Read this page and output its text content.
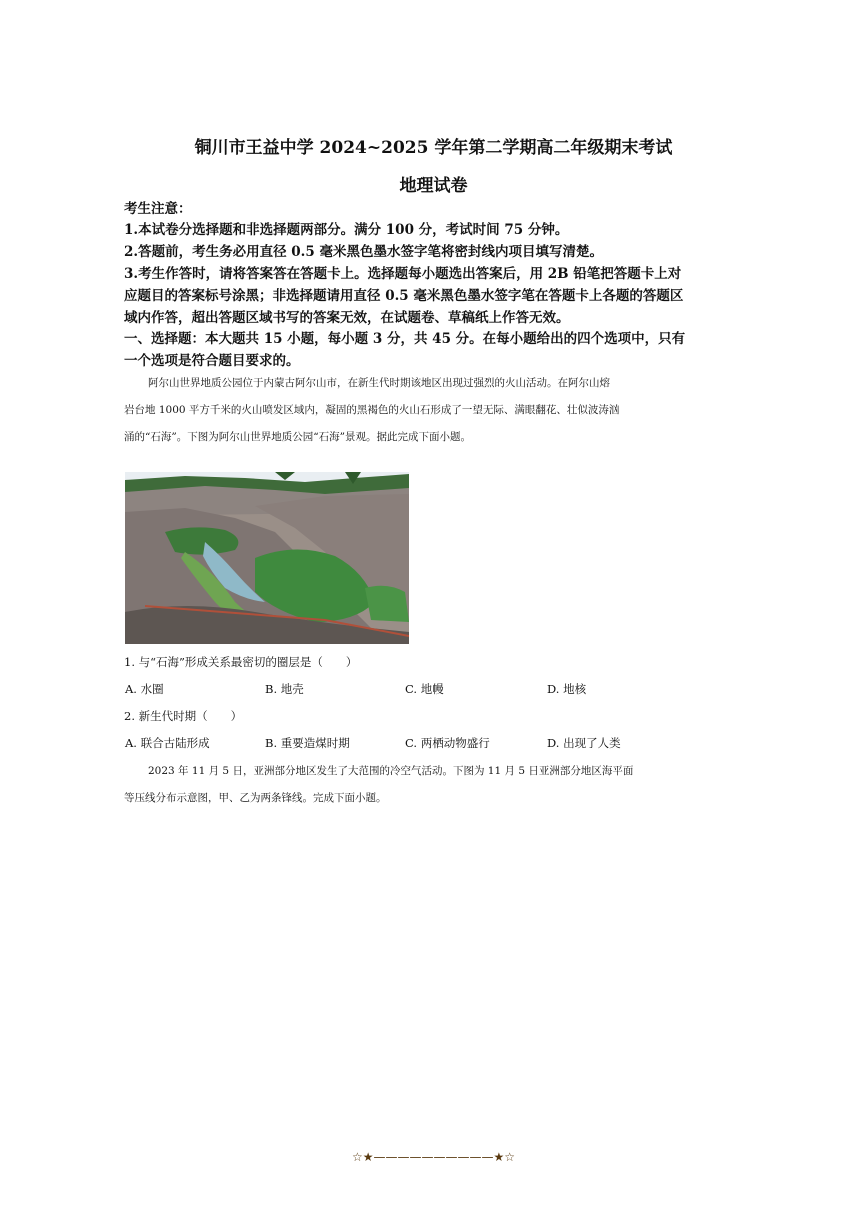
铜川市王益中学 2024~2025 学年第二学期高二年级期末考试
地理试卷
考生注意：
1.本试卷分选择题和非选择题两部分。满分 100 分，考试时间 75 分钟。
2.答题前，考生务必用直径 0.5 毫米黑色墨水签字笔将密封线内项目填写清楚。
3.考生作答时，请将答案答在答题卡上。选择题每小题选出答案后，用 2B 铅笔把答题卡上对
应题目的答案标号涂黑；非选择题请用直径 0.5 毫米黑色墨水签字笔在答题卡上各题的答题区
域内作答，超出答题区域书写的答案无效，在试题卷、草稿纸上作答无效。
一、选择题：本大题共 15 小题，每小题 3 分，共 45 分。在每小题给出的四个选项中，只有
一个选项是符合题目要求的。
阿尔山世界地质公园位于内蒙古阿尔山市，在新生代时期该地区出现过强烈的火山活动。在阿尔山熔
岩台地 1000 平方千米的火山喷发区域内，凝固的黑褐色的火山石形成了一望无际、满眼翻花、壮似波涛汹
涌的“石海”。下图为阿尔山世界地质公园“石海”景观。据此完成下面小题。
1. 与“石海”形成关系最密切的圈层是（　　）
A. 水圈	B. 地壳	C. 地幔	D. 地核
2. 新生代时期（　　）
A. 联合古陆形成	B. 重要造煤时期	C. 两栖动物盛行	D. 出现了人类
2023 年 11 月 5 日，亚洲部分地区发生了大范围的冷空气活动。下图为 11 月 5 日亚洲部分地区海平面
等压线分布示意图，甲、乙为两条锋线。完成下面小题。
☆★——————————★☆
